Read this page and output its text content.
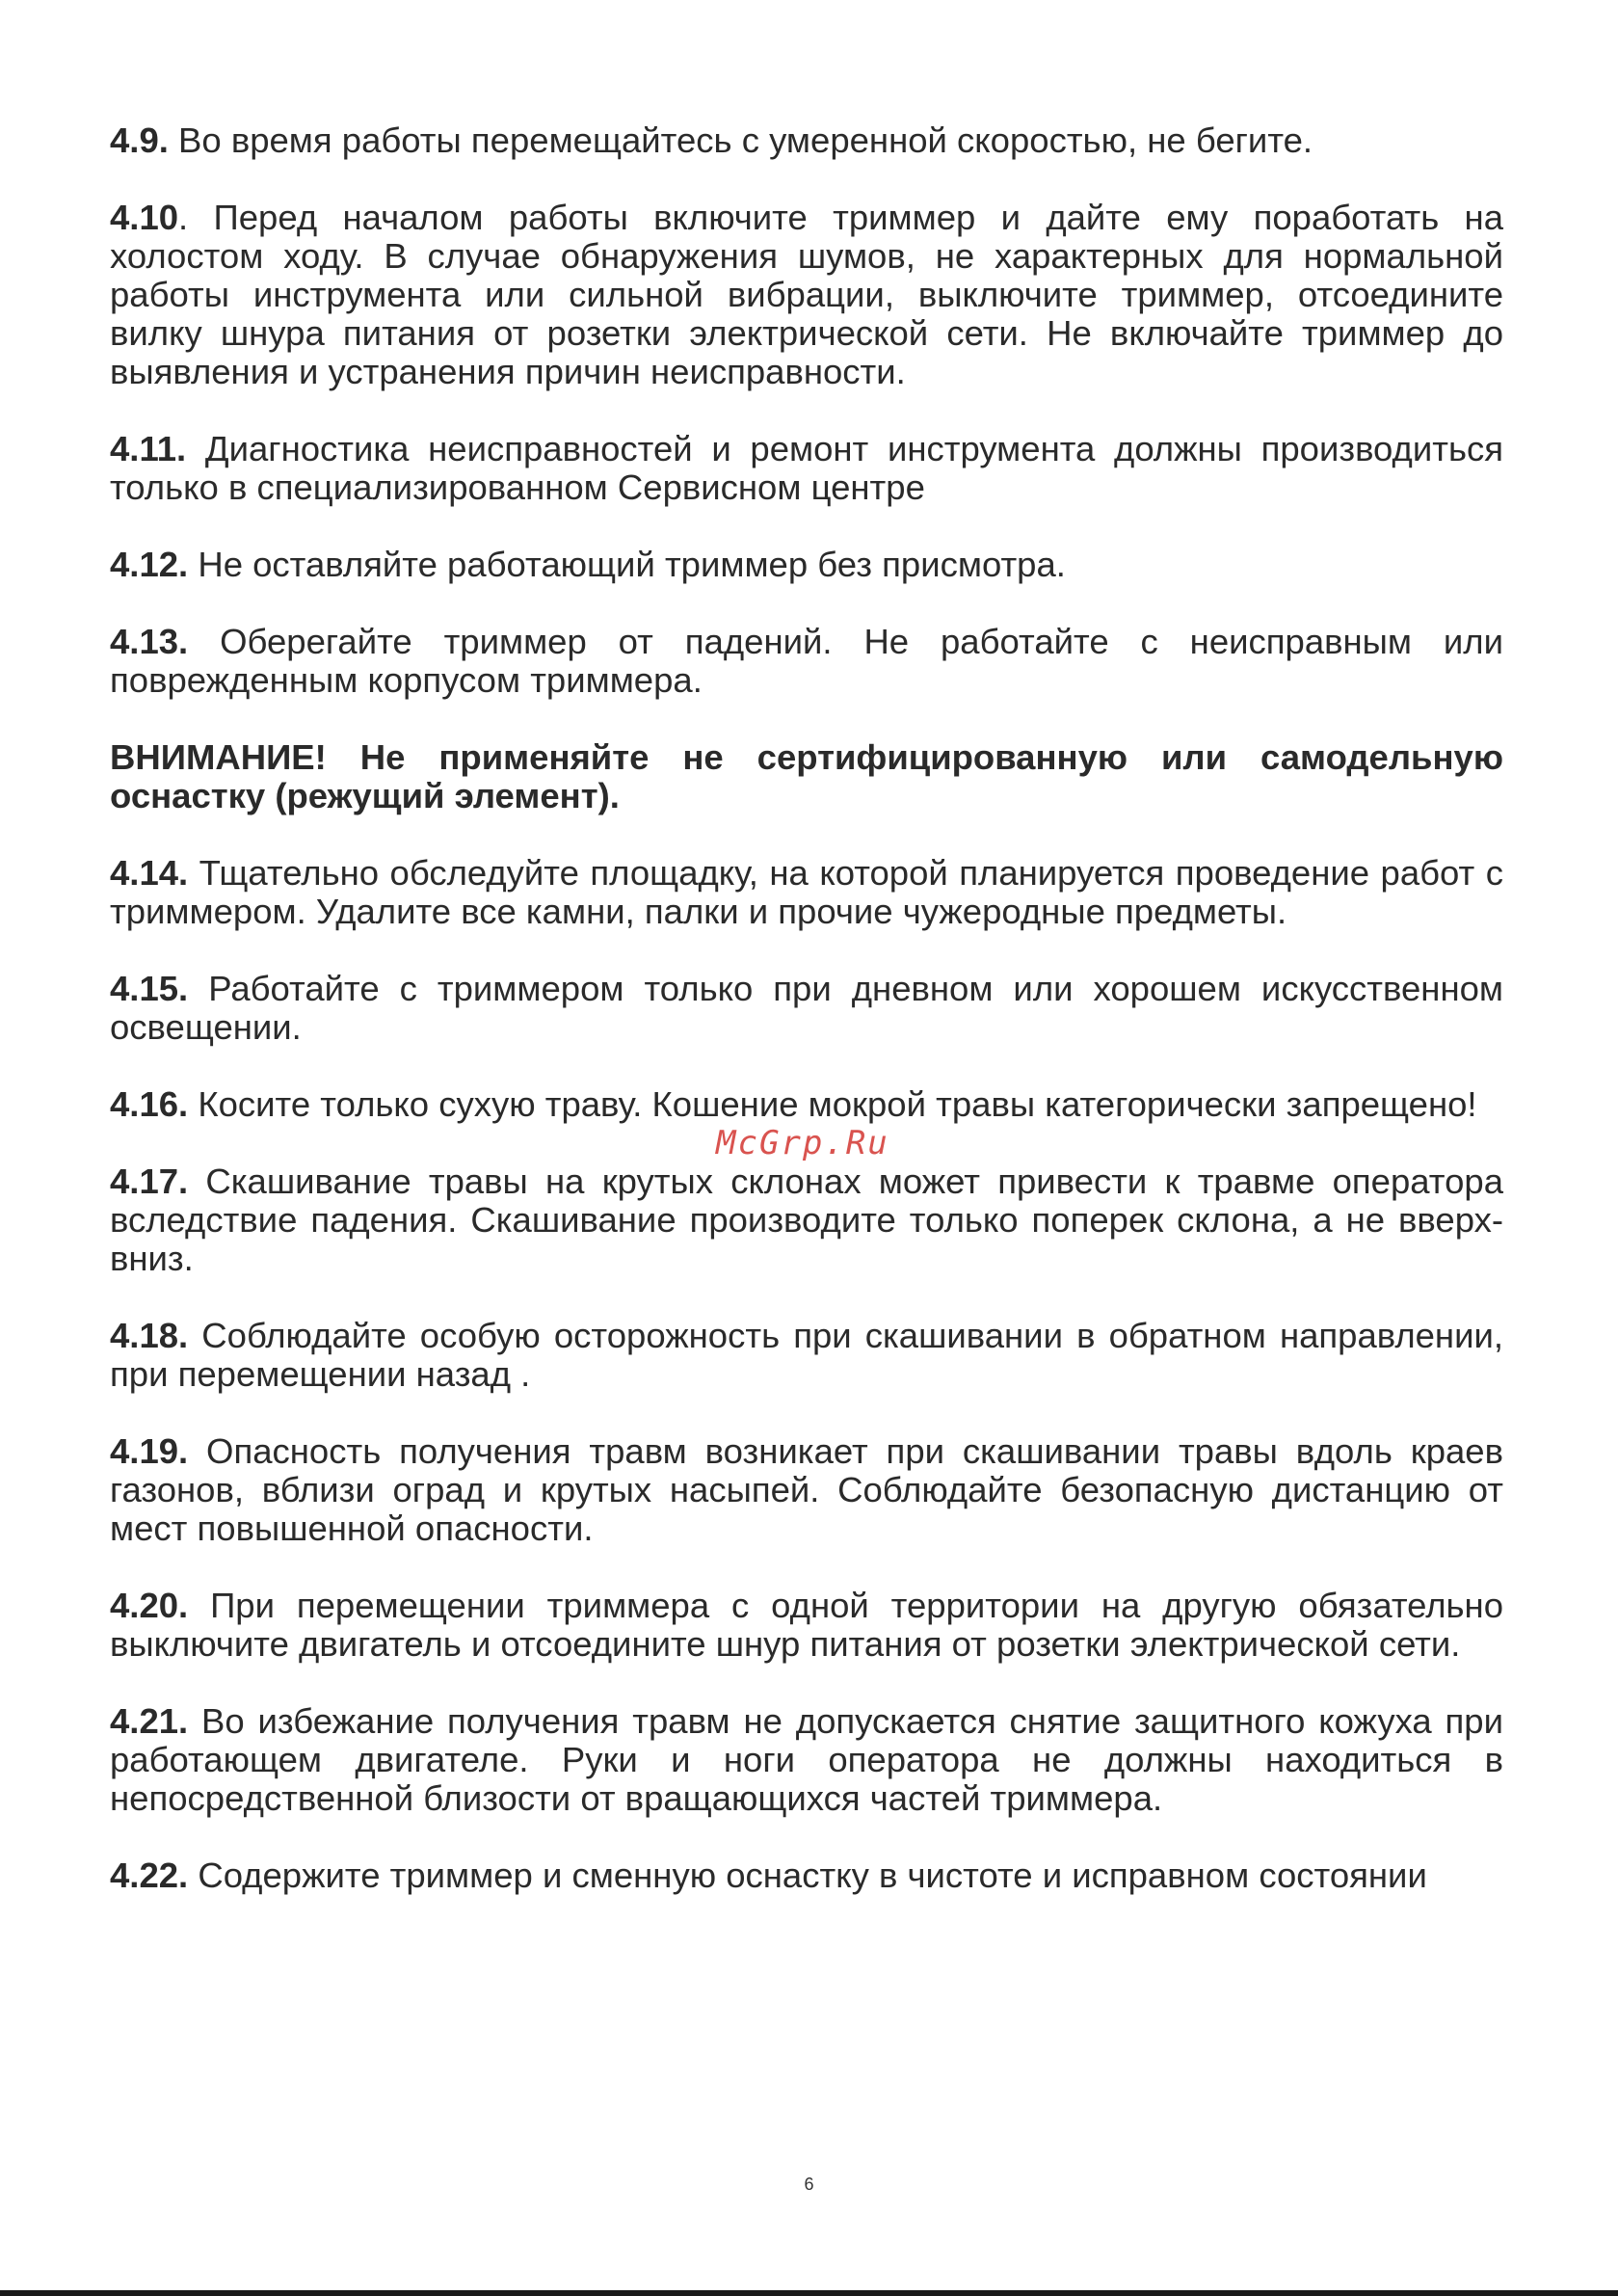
4.9. Во время работы перемещайтесь с умеренной скоростью, не бегите.

4.10. Перед началом работы включите триммер и дайте ему поработать на холостом ходу. В случае обнаружения шумов, не характерных для нормальной работы инструмента или сильной вибрации, выключите триммер, отсоедините вилку шнура питания от розетки электрической сети. Не включайте триммер до выявления и устранения причин неисправности.

4.11. Диагностика неисправностей и ремонт инструмента должны производиться только в специализированном Сервисном центре

4.12. Не оставляйте работающий триммер без присмотра.

4.13. Оберегайте триммер от падений. Не работайте с неисправным или поврежденным корпусом триммера.

ВНИМАНИЕ! Не применяйте не сертифицированную или самодельную оснастку (режущий элемент).

4.14. Тщательно обследуйте площадку, на которой планируется проведение работ с триммером. Удалите все камни, палки и прочие чужеродные предметы.

4.15. Работайте с триммером только при дневном или хорошем искусственном освещении.

4.16. Косите только сухую траву. Кошение мокрой травы категорически запрещено!

4.17. Скашивание травы на крутых склонах может привести к травме оператора вследствие падения. Скашивание производите только поперек склона, а не вверх-вниз.

4.18. Соблюдайте особую осторожность при скашивании в обратном направлении, при перемещении назад .

4.19. Опасность получения травм возникает при скашивании травы вдоль краев газонов, вблизи оград и крутых насыпей. Соблюдайте безопасную дистанцию от мест повышенной опасности.

4.20. При перемещении триммера с одной территории на другую обязательно выключите двигатель и отсоедините шнур питания от розетки электрической сети.

4.21. Во избежание получения травм не допускается снятие защитного кожуха при работающем двигателе. Руки и ноги оператора не должны находиться в непосредственной близости от вращающихся частей триммера.

4.22. Содержите триммер и сменную оснастку в чистоте и исправном состоянии

McGrp.Ru
6
